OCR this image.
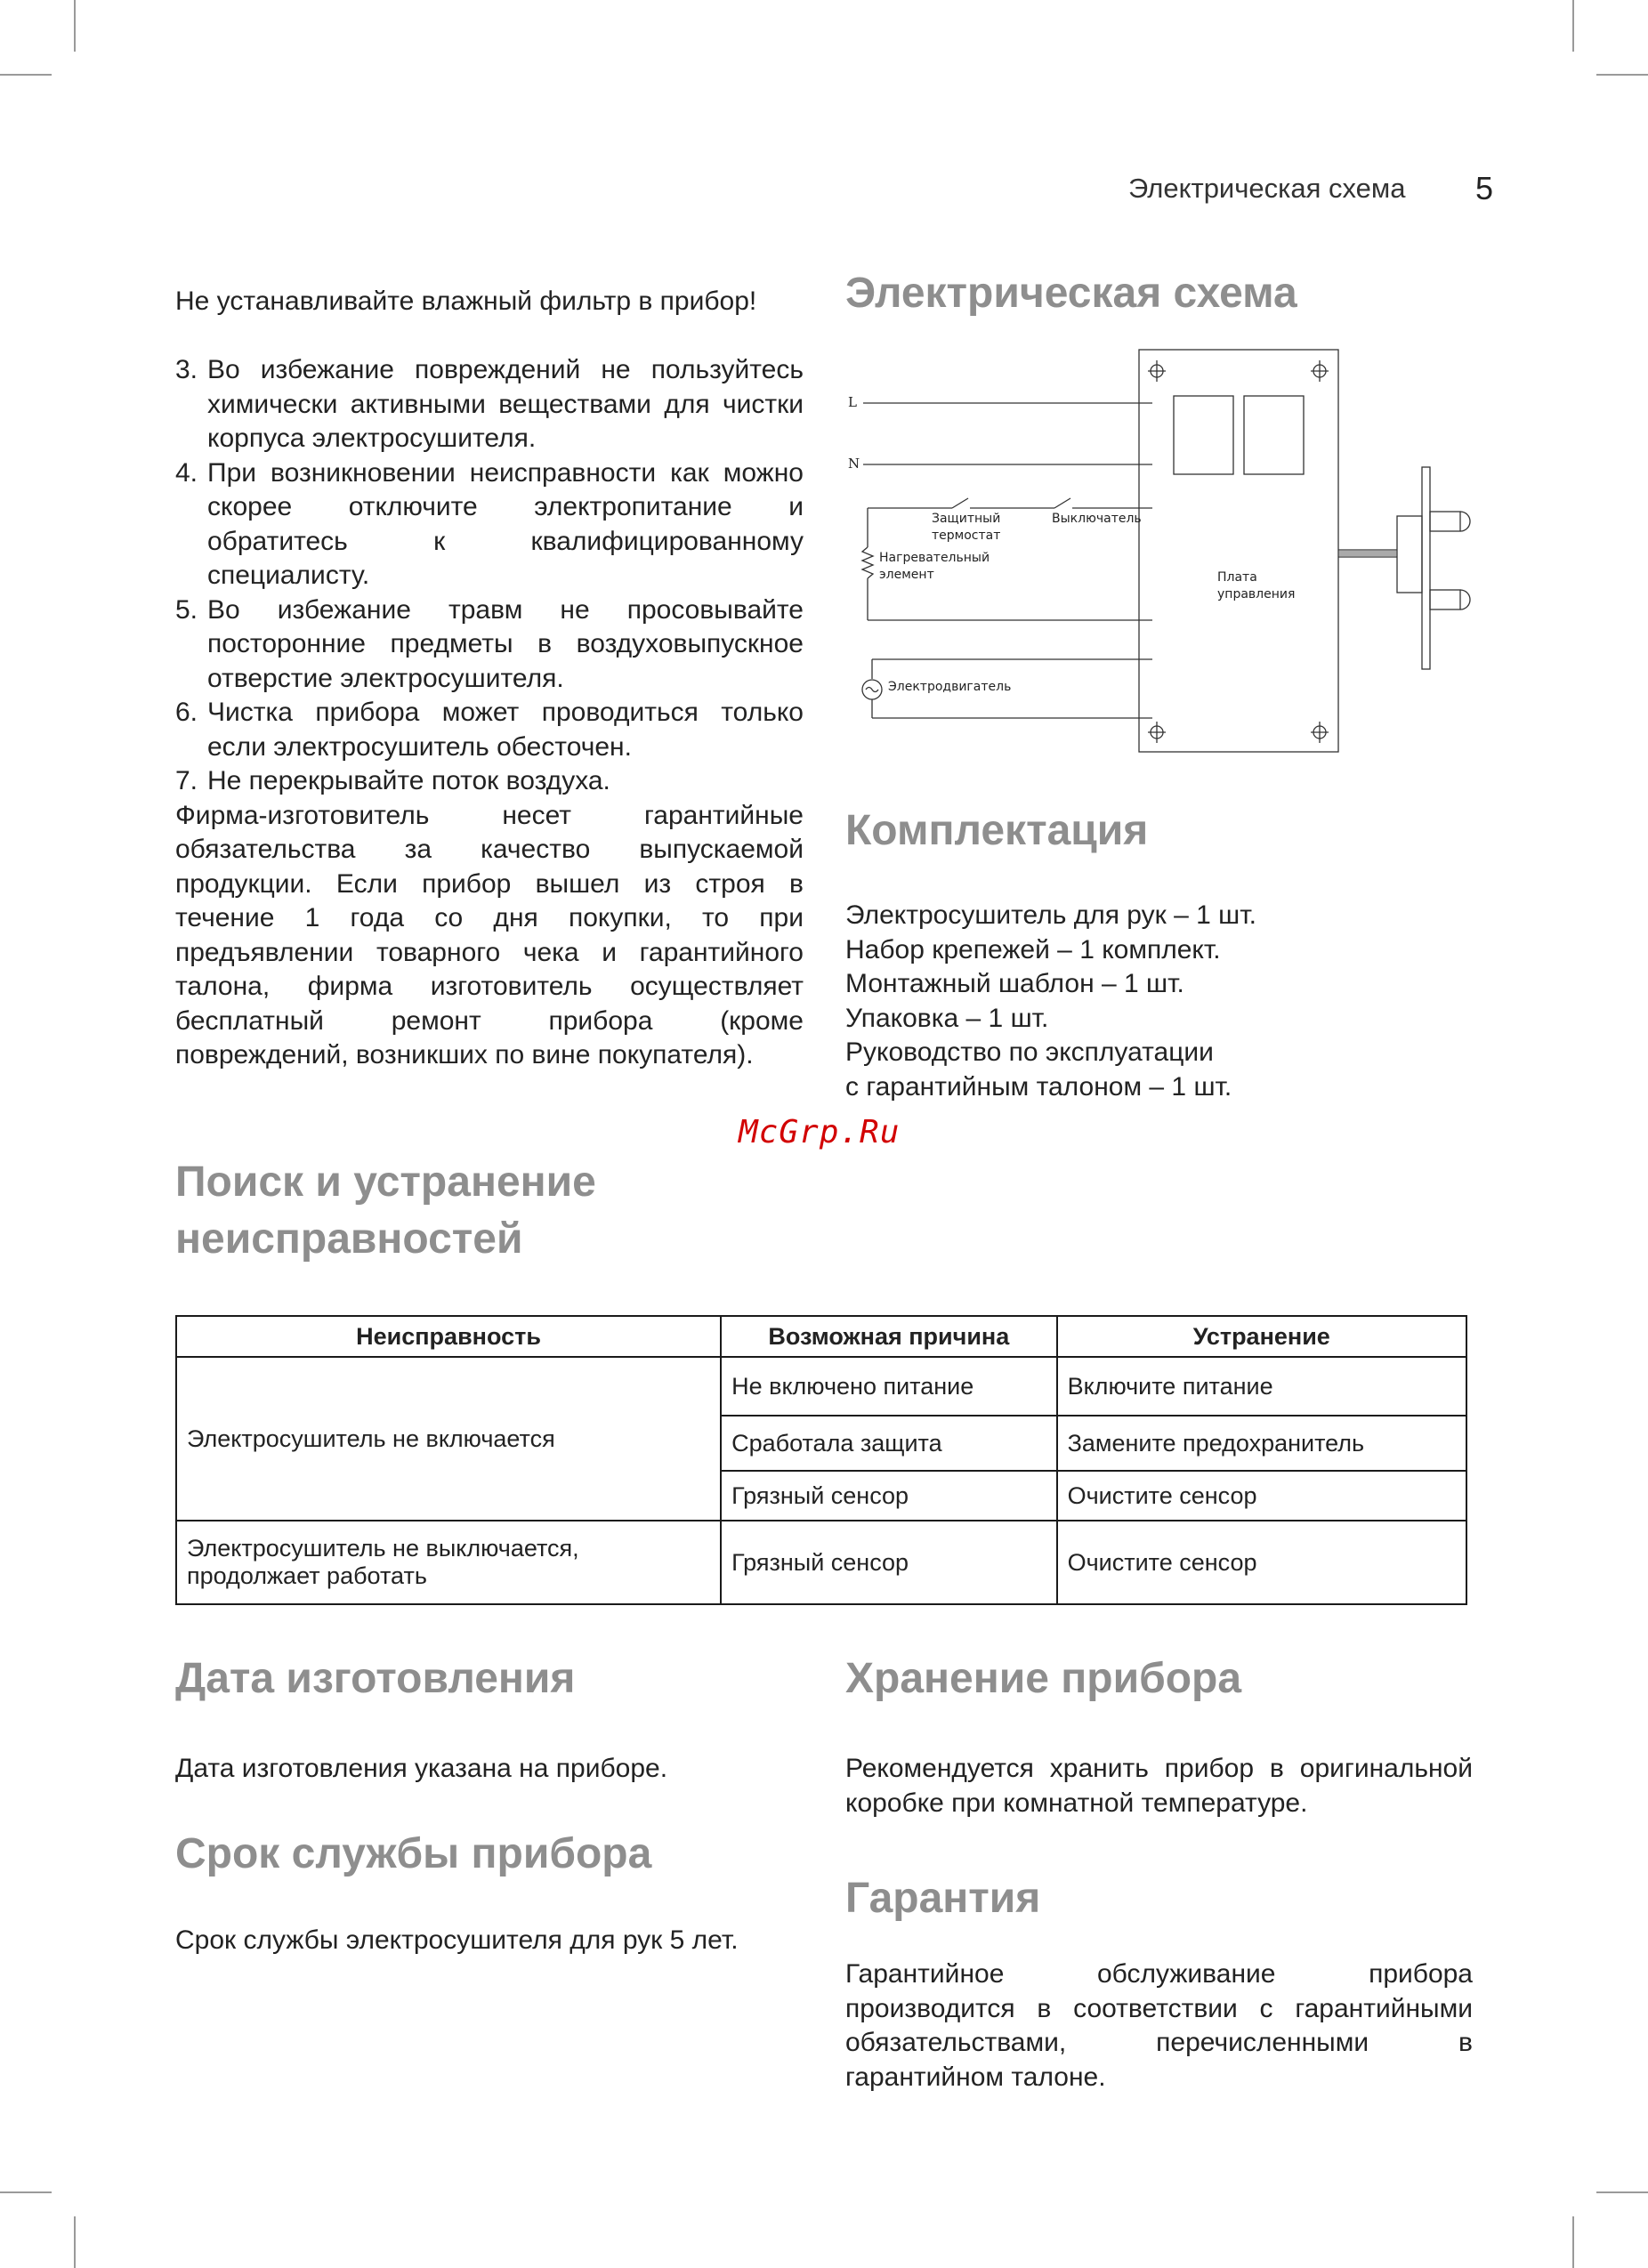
Электрическая схема 5
Не устанавливайте влажный фильтр в прибор!
3. Во избежание повреждений не пользуйтесь химически активными веществами для чистки корпуса электросушителя.
4. При возникновении неисправности как можно скорее отключите электропитание и обратитесь к квалифицированному специалисту.
5. Во избежание травм не просовывайте посторонние предметы в воздуховыпускное отверстие электросушителя.
6. Чистка прибора может проводиться только если электросушитель обесточен.
7. Не перекрывайте поток воздуха.
Фирма-изготовитель несет гарантийные обязательства за качество выпускаемой продукции. Если прибор вышел из строя в течение 1 года со дня покупки, то при предъявлении товарного чека и гарантийного талона, фирма изготовитель осуществляет бесплатный ремонт прибора (кроме повреждений, возникших по вине покупателя).
Электрическая схема
L
N
Защитный
термостат
Выключатель
Нагревательный
элемент	Плата
управления
Электродвигатель
Комплектация
Электросушитель для рук – 1 шт.
Набор крепежей – 1 комплект.
Монтажный шаблон – 1 шт.
Упаковка – 1 шт.
Руководство по эксплуатации
с гарантийным талоном – 1 шт.
McGrp.Ru
Поиск и устранение
неисправностей
Неисправность	Возможная причина	Устранение
Электросушитель не включается	Не включено питание	Включите питание
	Сработала защита	Замените предохранитель
	Грязный сенсор	Очистите сенсор

Электросушитель не выключается,
продолжает работать	Грязный сенсор	Очистите сенсор
Дата изготовления
Дата изготовления указана на приборе.
Срок службы прибора
Срок службы электросушителя для рук 5 лет.
Хранение прибора
Рекомендуется хранить прибор в оригинальной коробке при комнатной температуре.
Гарантия
Гарантийное обслуживание прибора производится в соответствии с гарантийными обязательствами, перечисленными в гарантийном талоне.
